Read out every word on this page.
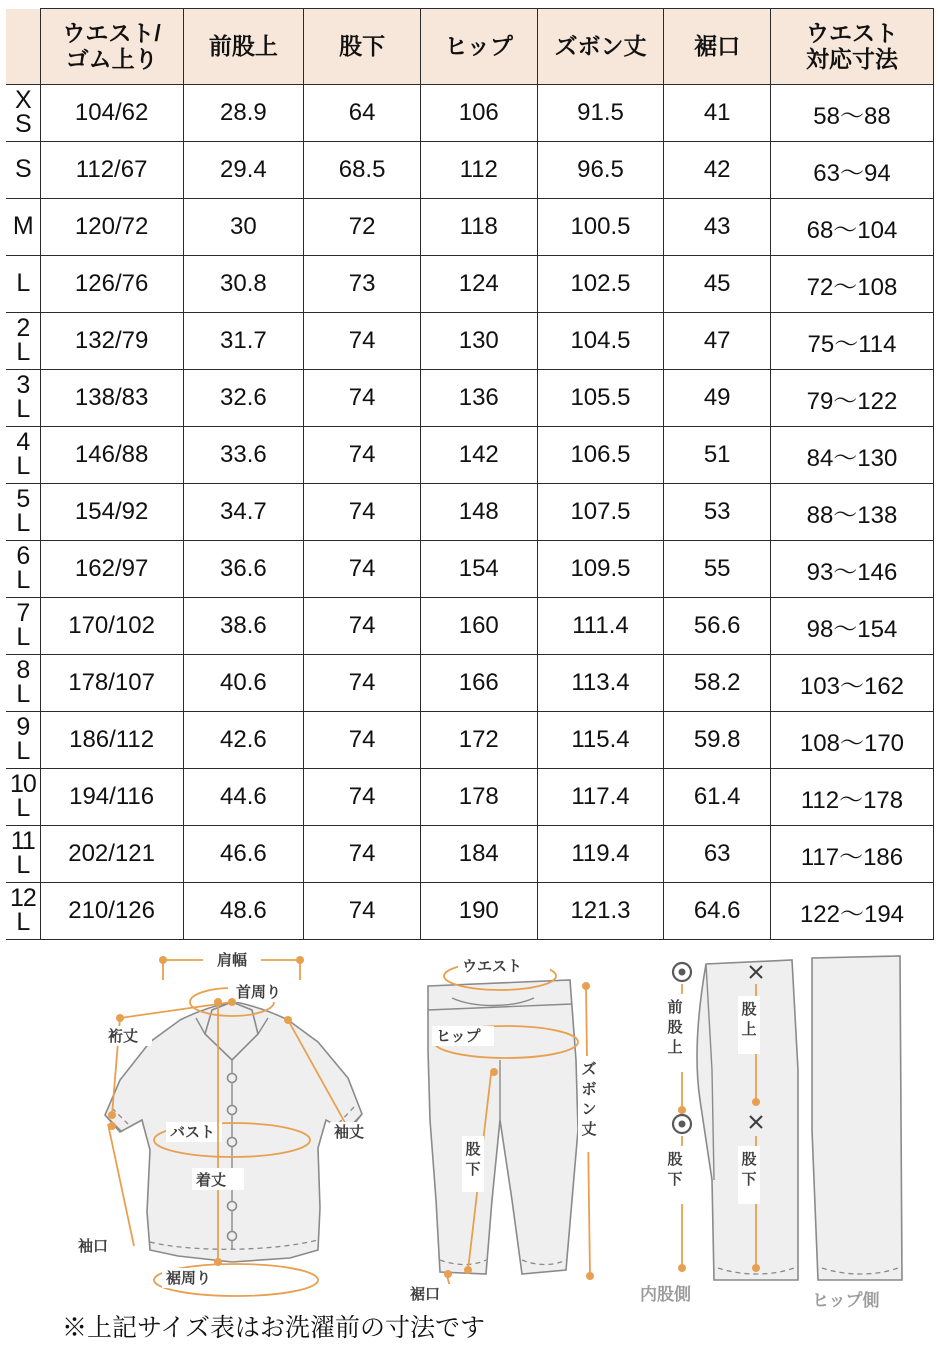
	ウエスト/
ゴム上り	前股上	股下	ヒップ	ズボン丈	裾口	ウエスト
対応寸法

X
S	104/62	28.9	64	106	91.5	41	58〜88

S	112/67	29.4	68.5	112	96.5	42	63〜94

M	120/72	30	72	118	100.5	43	68〜104

L	126/76	30.8	73	124	102.5	45	72〜108

2
L	132/79	31.7	74	130	104.5	47	75〜114

3
L	138/83	32.6	74	136	105.5	49	79〜122

4
L	146/88	33.6	74	142	106.5	51	84〜130

5
L	154/92	34.7	74	148	107.5	53	88〜138

6
L	162/97	36.6	74	154	109.5	55	93〜146

7
L	170/102	38.6	74	160	111.4	56.6	98〜154

8
L	178/107	40.6	74	166	113.4	58.2	103〜162

9
L	186/112	42.6	74	172	115.4	59.8	108〜170

10
L	194/116	44.6	74	178	117.4	61.4	112〜178

11
L	202/121	46.6	74	184	119.4	63	117〜186

12
L	210/126	48.6	74	190	121.3	64.6	122〜194
肩幅
首周り
裄丈
バスト	袖丈
着丈
袖口
裾周り
ウエスト
ヒップ
股
下
ズ
ボ
ン
丈
裾口
前
股
上
股
上
股
下
股
下
内股側	ヒップ側
※上記サイズ表はお洗濯前の寸法です
